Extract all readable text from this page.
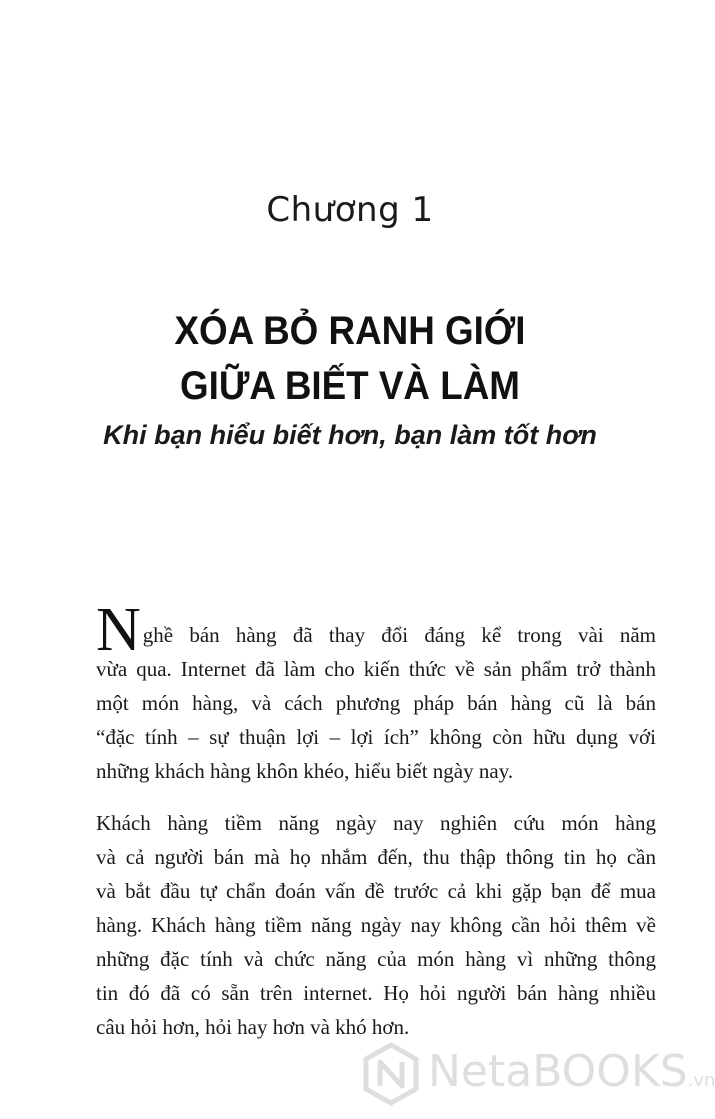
Chương 1
XÓA BỎ RANH GIỚI
GIỮA BIẾT VÀ LÀM
Khi bạn hiểu biết hơn, bạn làm tốt hơn
N ghề bán hàng đã thay đổi đáng kể trong vài năm
vừa qua. Internet đã làm cho kiến thức về sản phẩm trở thành
một món hàng, và cách phương pháp bán hàng cũ là bán
“đặc tính – sự thuận lợi – lợi ích” không còn hữu dụng với
những khách hàng khôn khéo, hiểu biết ngày nay.
Khách hàng tiềm năng ngày nay nghiên cứu món hàng
và cả người bán mà họ nhắm đến, thu thập thông tin họ cần
và bắt đầu tự chẩn đoán vấn đề trước cả khi gặp bạn để mua
hàng. Khách hàng tiềm năng ngày nay không cần hỏi thêm về
những đặc tính và chức năng của món hàng vì những thông
tin đó đã có sẵn trên internet. Họ hỏi người bán hàng nhiều
câu hỏi hơn, hỏi hay hơn và khó hơn.
NetaBOOKS.vn
